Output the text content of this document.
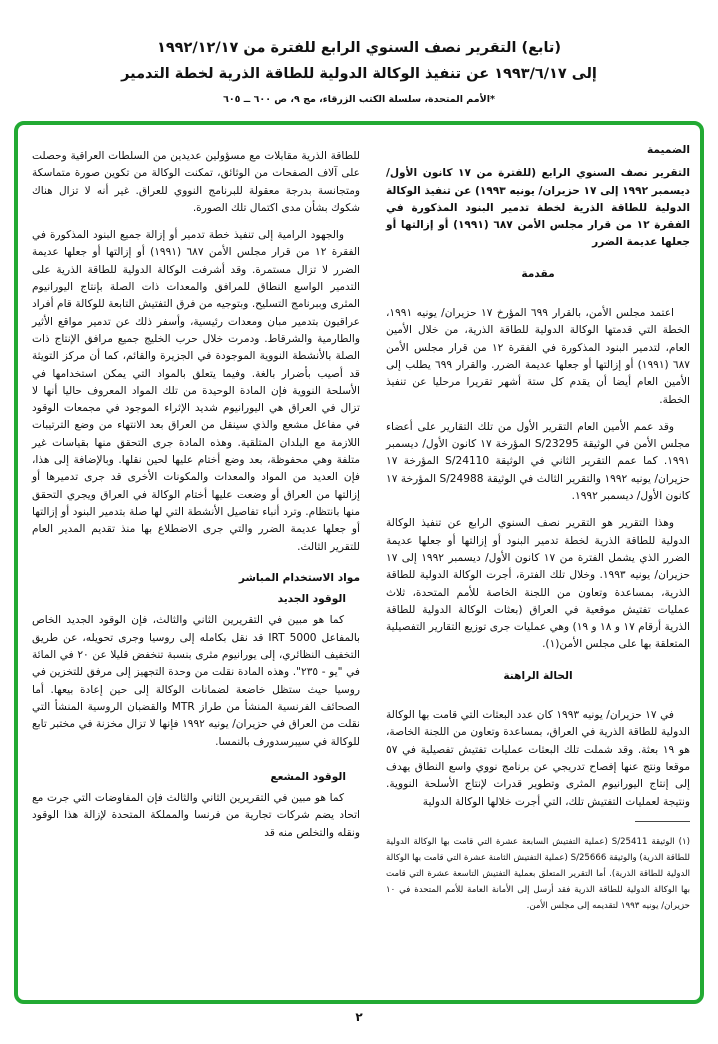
(تابع) التقرير نصف السنوي الرابع للفترة من ١٩٩٢/١٢/١٧
إلى ١٩٩٣/٦/١٧ عن تنفيذ الوكالة الدولية للطاقة الذرية لخطة التدمير
*الأمم المتحدة، سلسلة الكتب الزرقاء، مج ٩، ص ٦٠٠ ــ ٦٠٥
الضميمة

التقرير نصف السنوي الرابع (للفترة من ١٧ كانون الأول/ ديسمبر ١٩٩٢ إلى ١٧ حزيران/ يونيه ١٩٩٣) عن تنفيذ الوكالة الدولية للطاقة الذرية لخطة تدمير البنود المذكورة في الفقرة ١٢ من قرار مجلس الأمن ٦٨٧ (١٩٩١) أو إزالتها أو جعلها عديمة الضرر

مقدمة

اعتمد مجلس الأمن، بالقرار ٦٩٩ المؤرخ ١٧ حزيران/ يونيه ١٩٩١، الخطة التي قدمتها الوكالة الدولية للطاقة الذرية، من خلال الأمين العام، لتدمير البنود المذكورة في الفقرة ١٢ من قرار مجلس الأمن ٦٨٧ (١٩٩١) أو إزالتها أو جعلها عديمة الضرر. والقرار ٦٩٩ يطلب إلى الأمين العام أيضا أن يقدم كل ستة أشهر تقريرا مرحليا عن تنفيذ الخطة.

وقد عمم الأمين العام التقرير الأول من تلك التقارير على أعضاء مجلس الأمن في الوثيقة S/23295 المؤرخة ١٧ كانون الأول/ ديسمبر ١٩٩١. كما عمم التقرير الثاني في الوثيقة S/24110 المؤرخة ١٧ حزيران/ يونيه ١٩٩٢ والتقرير الثالث في الوثيقة S/24988 المؤرخة ١٧ كانون الأول/ ديسمبر ١٩٩٢.

وهذا التقرير هو التقرير نصف السنوي الرابع عن تنفيذ الوكالة الدولية للطاقة الذرية لخطة تدمير البنود أو إزالتها أو جعلها عديمة الضرر الذي يشمل الفترة من ١٧ كانون الأول/ ديسمبر ١٩٩٢ إلى ١٧ حزيران/ يونيه ١٩٩٣. وخلال تلك الفترة، أجرت الوكالة الدولية للطاقة الذرية، بمساعدة وتعاون من اللجنة الخاصة للأمم المتحدة، ثلاث عمليات تفتيش موقعية في العراق (بعثات الوكالة الدولية للطاقة الذرية أرقام ١٧ و ١٨ و ١٩) وهي عمليات جرى توزيع التقارير التفصيلية المتعلقة بها على مجلس الأمن(١).

الحالة الراهنة

في ١٧ حزيران/ يونيه ١٩٩٣ كان عدد البعثات التي قامت بها الوكالة الدولية للطاقة الذرية في العراق، بمساعدة وتعاون من اللجنة الخاصة، هو ١٩ بعثة. وقد شملت تلك البعثات عمليات تفتيش تفصيلية في ٥٧ موقعا ونتج عنها إفصاح تدريجي عن برنامج نووي واسع النطاق يهدف إلى إنتاج اليورانيوم المثرى وتطوير قدرات لإنتاج الأسلحة النووية. ونتيجة لعمليات التفتيش تلك، التي أجرت خلالها الوكالة الدولية

(١) الوثيقة S/25411 (عملية التفتيش السابعة عشرة التي قامت بها الوكالة الدولية للطاقة الذرية) والوثيقة S/25666 (عملية التفتيش الثامنة عشرة التي قامت بها الوكالة الدولية للطاقة الذرية). أما التقرير المتعلق بعملية التفتيش التاسعة عشرة التي قامت بها الوكالة الدولية للطاقة الذرية فقد أرسل إلى الأمانة العامة للأمم المتحدة في ١٠ حزيران/ يونيه ١٩٩٣ لتقديمه إلى مجلس الأمن.

للطاقة الذرية مقابلات مع مسؤولين عديدين من السلطات العراقية وحصلت على آلاف الصفحات من الوثائق، تمكنت الوكالة من تكوين صورة متماسكة ومتجانسة بدرجة معقولة للبرنامج النووي للعراق. غير أنه لا تزال هناك شكوك بشأن مدى اكتمال تلك الصورة.

والجهود الرامية إلى تنفيذ خطة تدمير أو إزالة جميع البنود المذكورة في الفقرة ١٢ من قرار مجلس الأمن ٦٨٧ (١٩٩١) أو إزالتها أو جعلها عديمة الضرر لا تزال مستمرة. وقد أشرفت الوكالة الدولية للطاقة الذرية على التدمير الواسع النطاق للمرافق والمعدات ذات الصلة بإنتاج اليورانيوم المثرى وببرنامج التسليح. وبتوجيه من فرق التفتيش التابعة للوكالة قام أفراد عراقيون بتدمير مبان ومعدات رئيسية، وأسفر ذلك عن تدمير مواقع الأثير والطارمية والشرقاط. ودمرت خلال حرب الخليج جميع مرافق الإنتاج ذات الصلة بالأنشطة النووية الموجودة في الجزيرة والقائم، كما أن مركز التويثة قد أصيب بأضرار بالغة. وفيما يتعلق بالمواد التي يمكن استخدامها في الأسلحة النووية فإن المادة الوحيدة من تلك المواد المعروف حاليا أنها لا تزال في العراق هي اليورانيوم شديد الإثراء الموجود في مجمعات الوقود في مفاعل مشعع والذي سينقل من العراق بعد الانتهاء من وضع الترتيبات اللازمة مع البلدان المتلقية. وهذه المادة جرى التحقق منها بقياسات غير متلفة وهي محفوظة، بعد وضع أختام عليها لحين نقلها. وبالإضافة إلى هذا، فإن العديد من المواد والمعدات والمكونات الأخرى قد جرى تدميرها أو إزالتها من العراق أو وضعت عليها أختام الوكالة في العراق ويجري التحقق منها بانتظام. وترد أنباء تفاصيل الأنشطة التي لها صلة بتدمير البنود أو إزالتها أو جعلها عديمة الضرر والتي جرى الاضطلاع بها منذ تقديم المدير العام للتقرير الثالث.

مواد الاستخدام المباشر
الوقود الجديد

كما هو مبين في التقريرين الثاني والثالث، فإن الوقود الجديد الخاص بالمفاعل IRT 5000 قد نقل بكامله إلى روسيا وجرى تحويله، عن طريق التخفيف النظائري، إلى يورانيوم مثرى بنسبة تنخفض قليلا عن ٢٠ في المائة في "يو - ٢٣٥". وهذه المادة نقلت من وحدة التجهيز إلى مرفق للتخزين في روسيا حيث ستظل خاضعة لضمانات الوكالة إلى حين إعادة بيعها. أما الصحائف الفرنسية المنشأ من طراز MTR والقضبان الروسية المنشأ التي نقلت من العراق في حزيران/ يونيه ١٩٩٢ فإنها لا تزال مخزنة في مختبر تابع للوكالة في سيبرسدورف بالنمسا.

الوقود المشعع

كما هو مبين في التقريرين الثاني والثالث فإن المفاوضات التي جرت مع اتحاد يضم شركات تجارية من فرنسا والمملكة المتحدة لإزالة هذا الوقود ونقله والتخلص منه قد

٢
